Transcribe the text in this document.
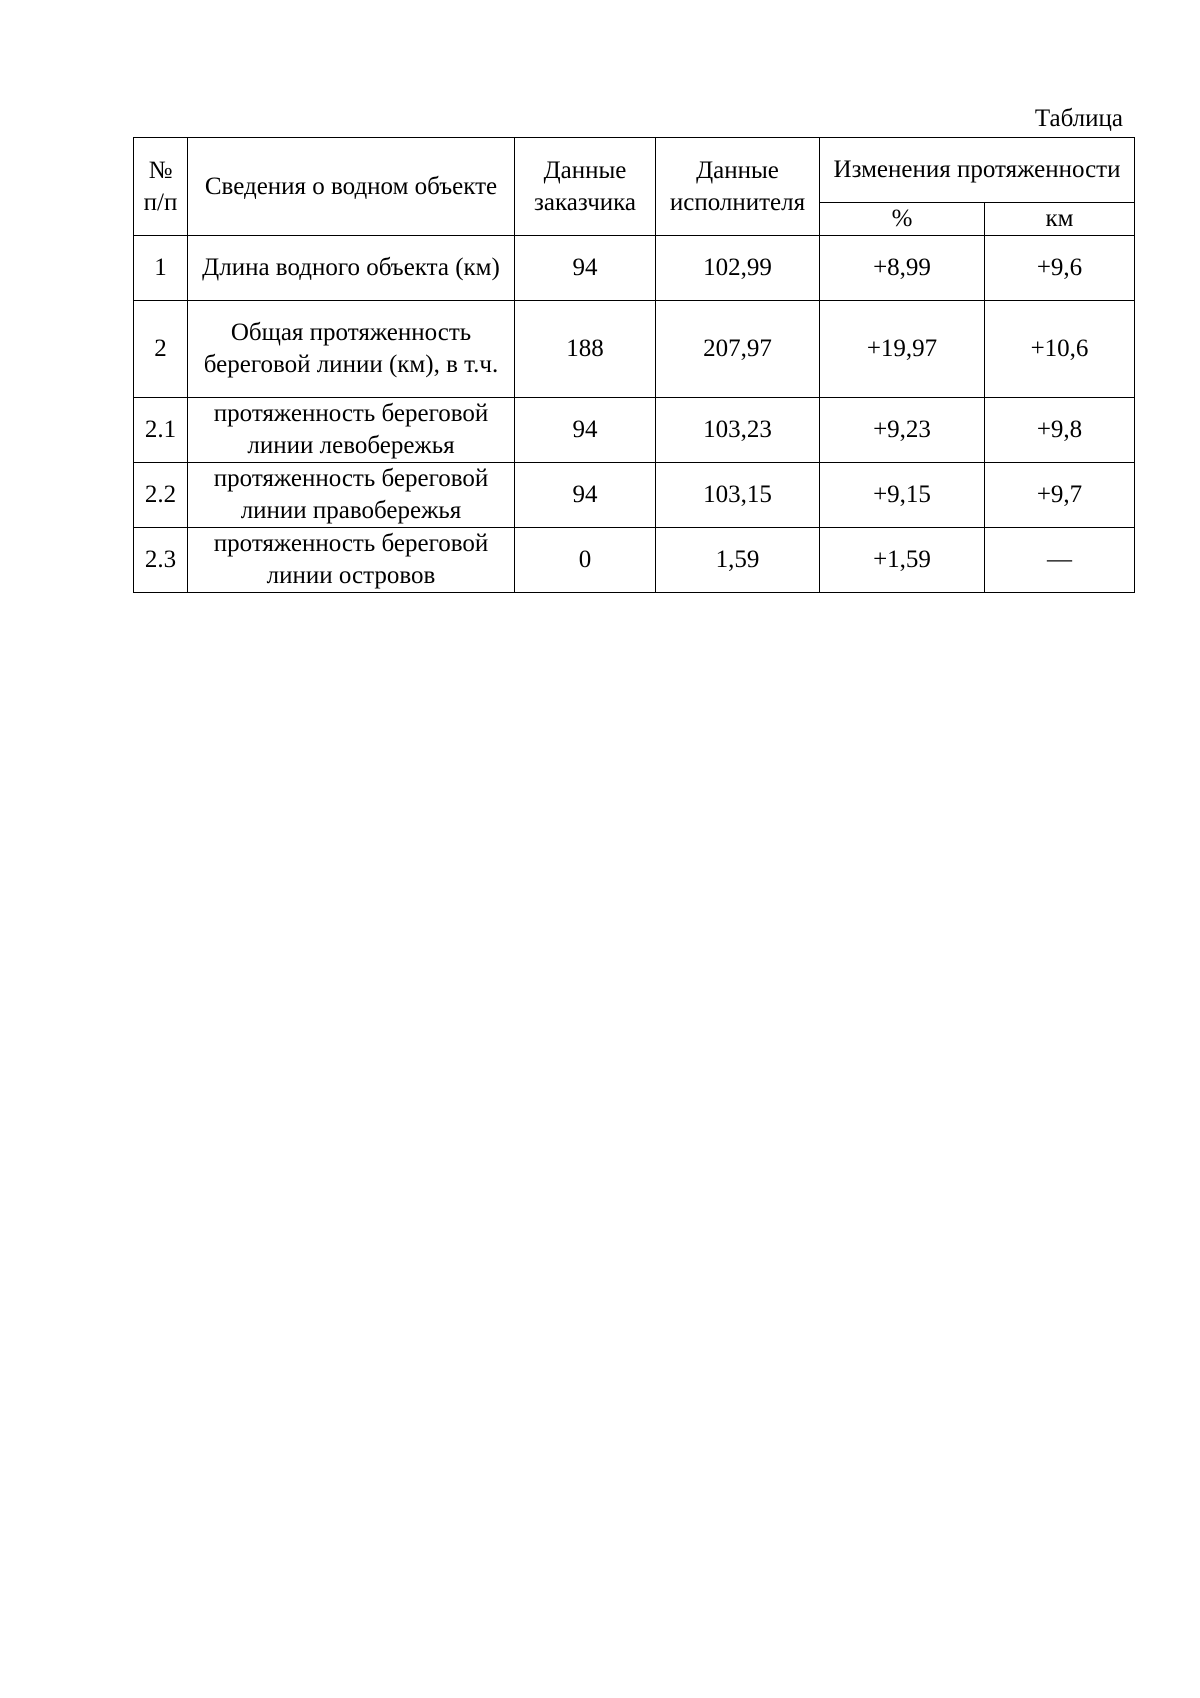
Таблица
№ п/п	Сведения о водном объекте	Данные заказчика	Данные исполнителя	Изменения протяженности	
				%	км
1	Длина водного объекта (км)	94	102,99	+8,99	+9,6
2	Общая протяженность береговой линии (км), в т.ч.	188	207,97	+19,97	+10,6
2.1	протяженность береговой линии левобережья	94	103,23	+9,23	+9,8
2.2	протяженность береговой линии правобережья	94	103,15	+9,15	+9,7
2.3	протяженность береговой линии островов	0	1,59	+1,59	—
